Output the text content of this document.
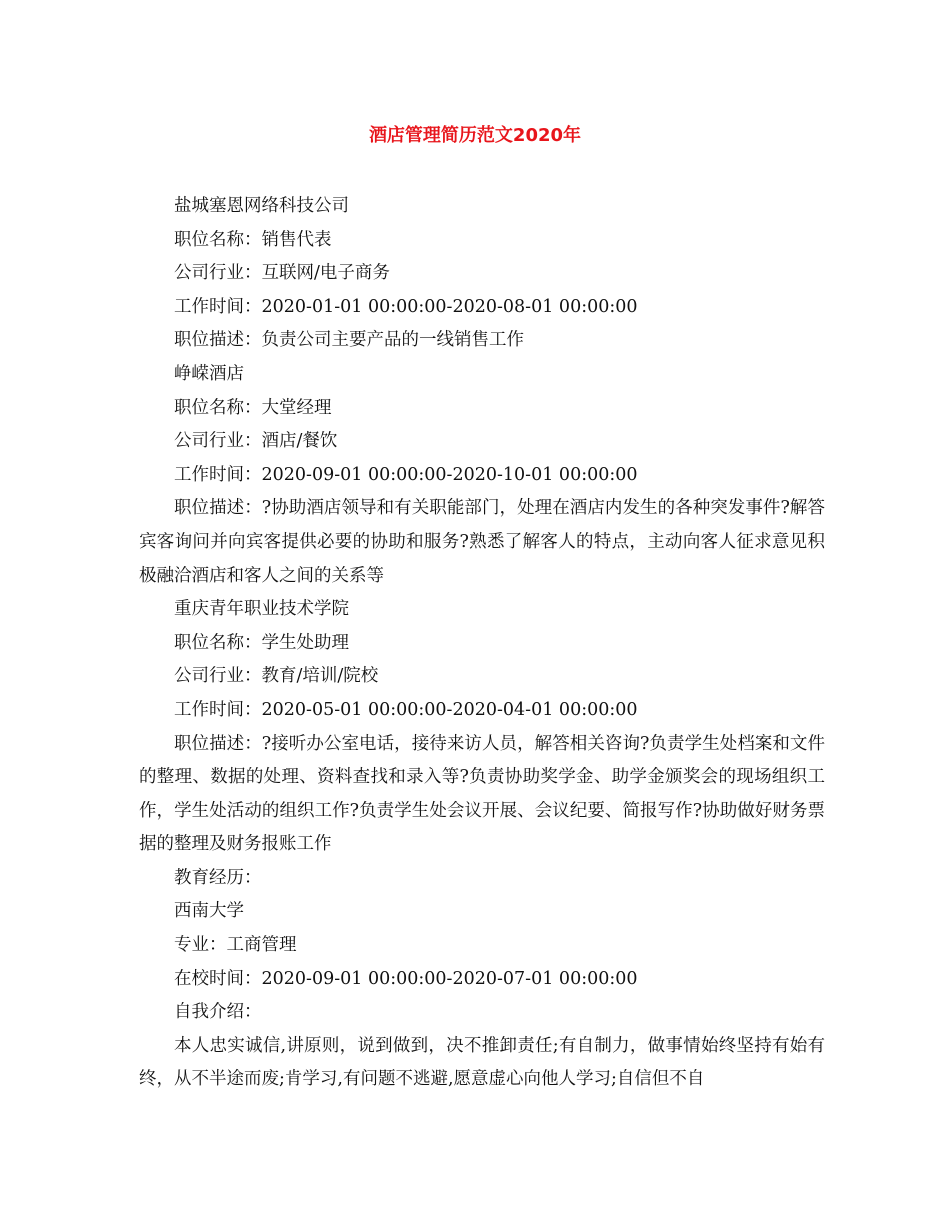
酒店管理简历范文2020年

盐城塞恩网络科技公司

职位名称：销售代表

公司行业：互联网/电子商务

工作时间：2020-01-01 00:00:00-2020-08-01 00:00:00

职位描述：负责公司主要产品的一线销售工作

峥嵘酒店

职位名称：大堂经理

公司行业：酒店/餐饮

工作时间：2020-09-01 00:00:00-2020-10-01 00:00:00

职位描述：?协助酒店领导和有关职能部门，处理在酒店内发生的各种突发事件?解答宾客询问并向宾客提供必要的协助和服务?熟悉了解客人的特点，主动向客人征求意见积极融洽酒店和客人之间的关系等

重庆青年职业技术学院

职位名称：学生处助理

公司行业：教育/培训/院校

工作时间：2020-05-01 00:00:00-2020-04-01 00:00:00

职位描述：?接听办公室电话，接待来访人员，解答相关咨询?负责学生处档案和文件的整理、数据的处理、资料查找和录入等?负责协助奖学金、助学金颁奖会的现场组织工作，学生处活动的组织工作?负责学生处会议开展、会议纪要、简报写作?协助做好财务票据的整理及财务报账工作

教育经历：

西南大学

专业：工商管理

在校时间：2020-09-01 00:00:00-2020-07-01 00:00:00

自我介绍：

本人忠实诚信,讲原则，说到做到，决不推卸责任;有自制力，做事情始终坚持有始有终，从不半途而废;肯学习,有问题不逃避,愿意虚心向他人学习;自信但不自
